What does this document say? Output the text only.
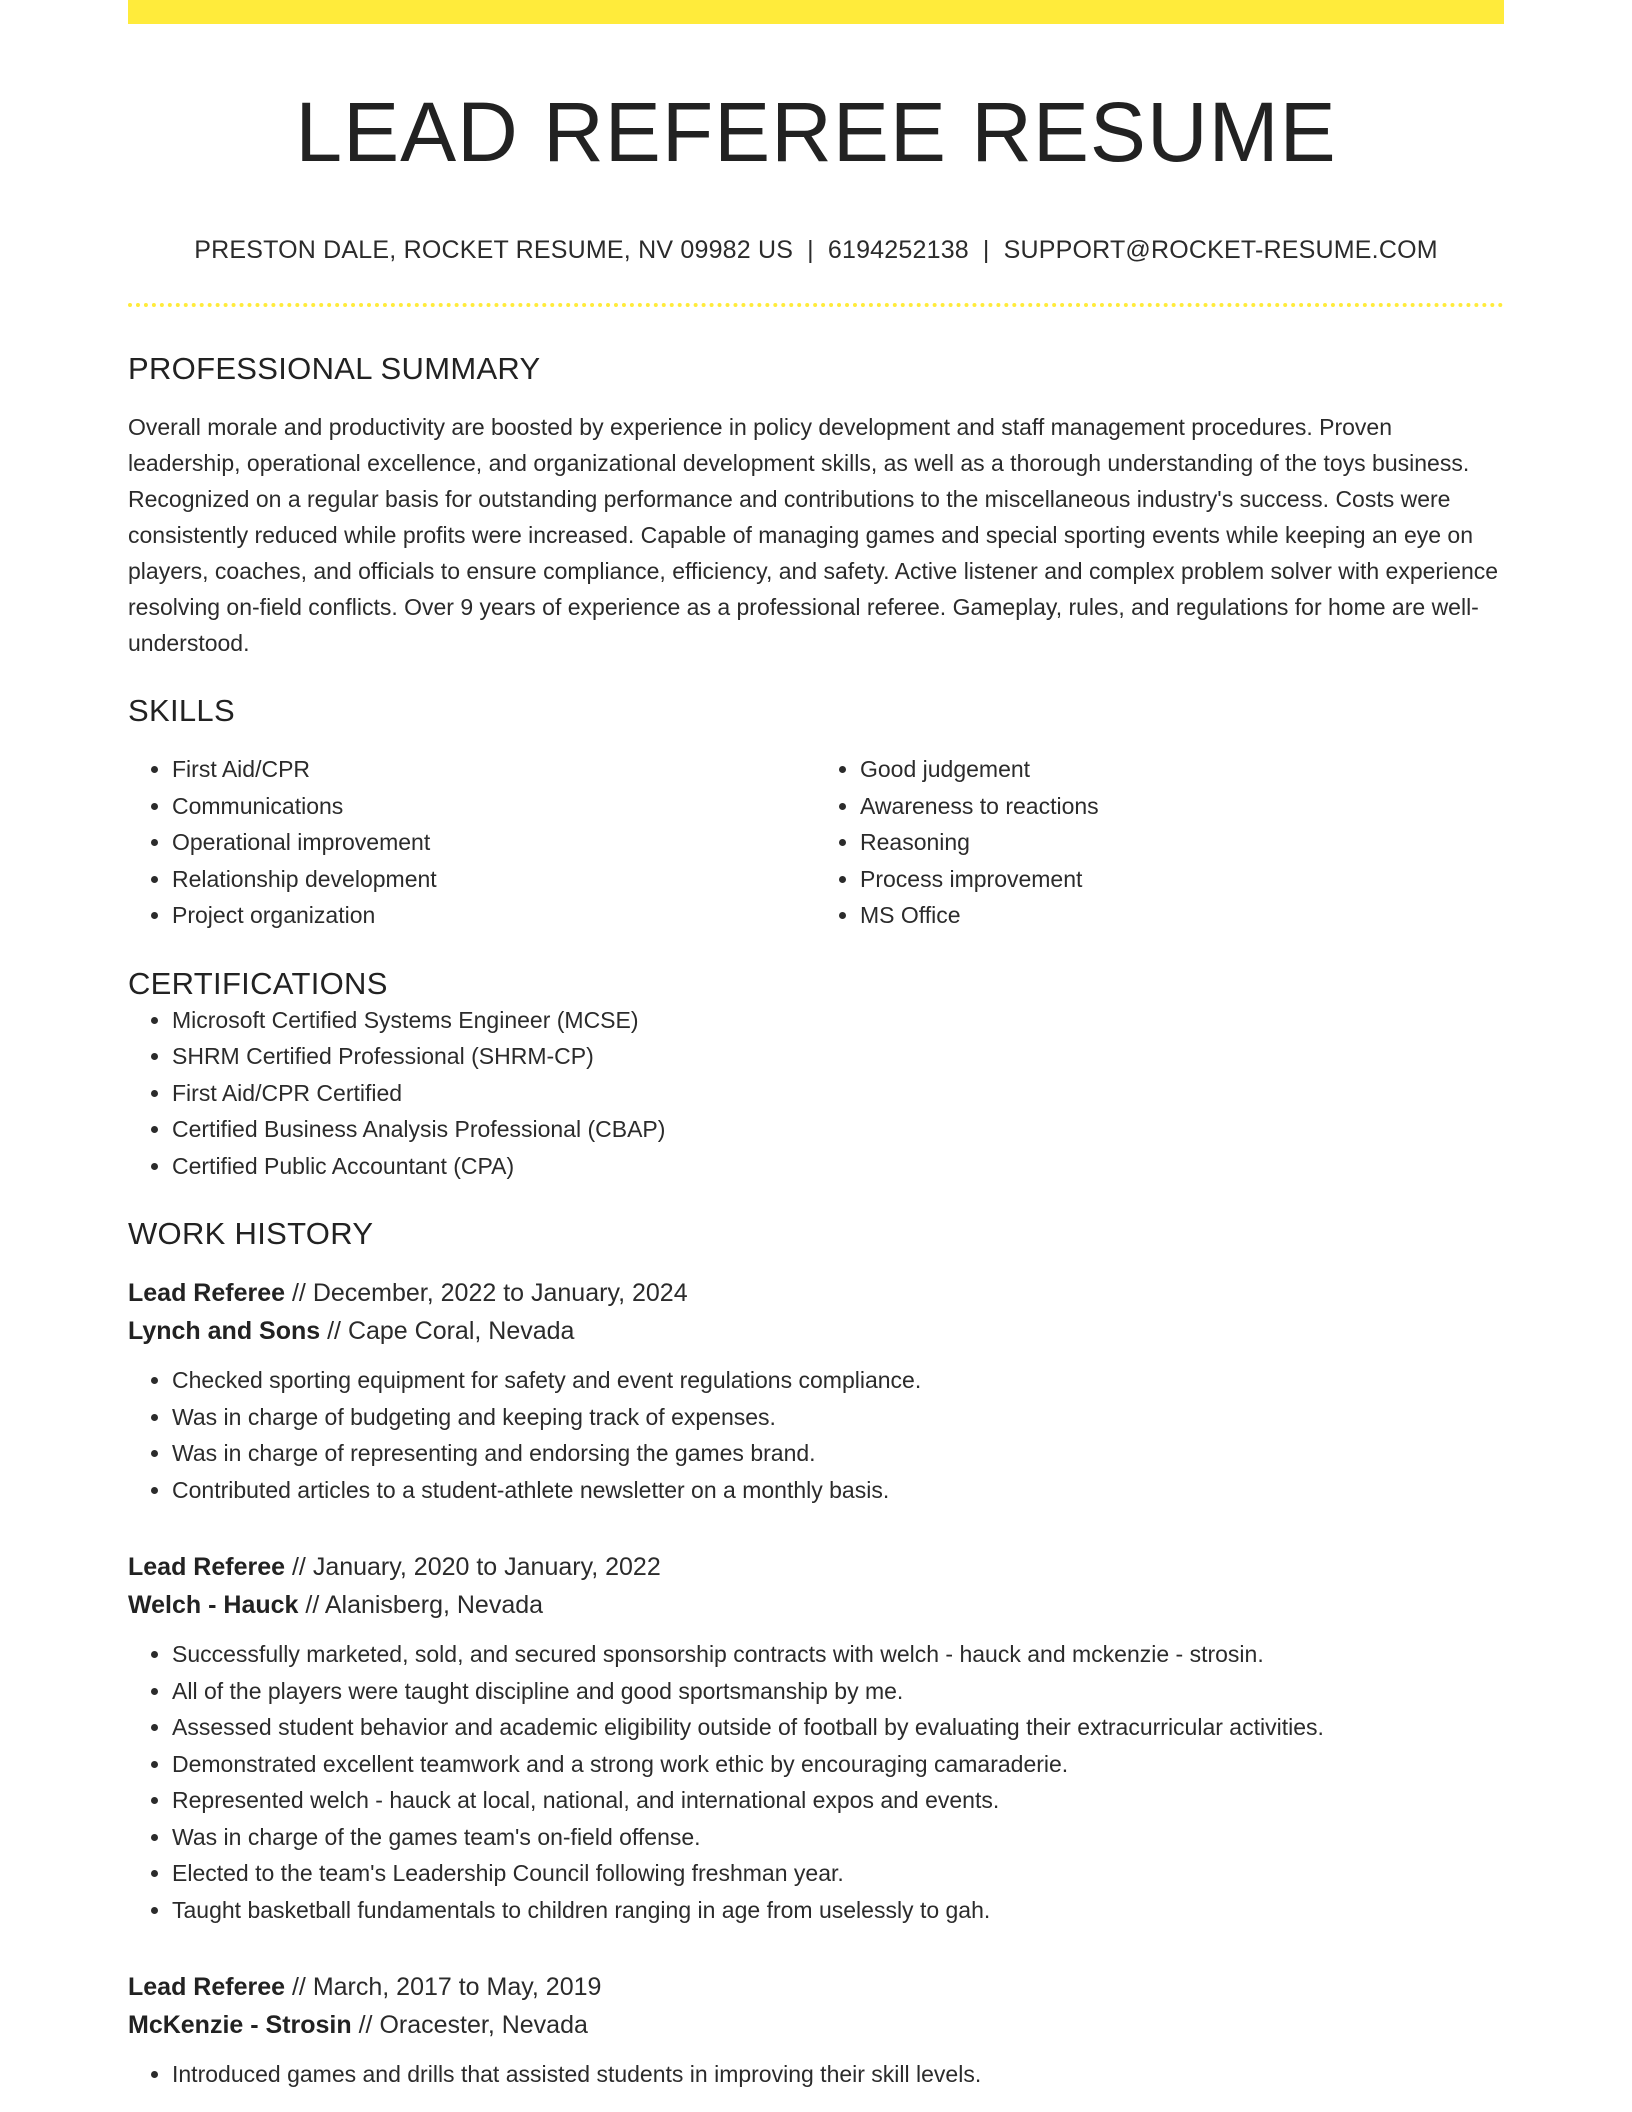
LEAD REFEREE RESUME
PRESTON DALE, ROCKET RESUME, NV 09982 US | 6194252138 | SUPPORT@ROCKET-RESUME.COM
PROFESSIONAL SUMMARY

Overall morale and productivity are boosted by experience in policy development and staff management procedures. Proven leadership, operational excellence, and organizational development skills, as well as a thorough understanding of the toys business. Recognized on a regular basis for outstanding performance and contributions to the miscellaneous industry's success. Costs were consistently reduced while profits were increased. Capable of managing games and special sporting events while keeping an eye on players, coaches, and officials to ensure compliance, efficiency, and safety. Active listener and complex problem solver with experience resolving on-field conflicts. Over 9 years of experience as a professional referee. Gameplay, rules, and regulations for home are well-understood.

SKILLS
• First Aid/CPR
• Communications
• Operational improvement
• Relationship development
• Project organization
• Good judgement
• Awareness to reactions
• Reasoning
• Process improvement
• MS Office
CERTIFICATIONS
• Microsoft Certified Systems Engineer (MCSE)
• SHRM Certified Professional (SHRM-CP)
• First Aid/CPR Certified
• Certified Business Analysis Professional (CBAP)
• Certified Public Accountant (CPA)
WORK HISTORY
Lead Referee // December, 2022 to January, 2024
Lynch and Sons // Cape Coral, Nevada
• Checked sporting equipment for safety and event regulations compliance.
• Was in charge of budgeting and keeping track of expenses.
• Was in charge of representing and endorsing the games brand.
• Contributed articles to a student-athlete newsletter on a monthly basis.
Lead Referee // January, 2020 to January, 2022
Welch - Hauck // Alanisberg, Nevada
• Successfully marketed, sold, and secured sponsorship contracts with welch - hauck and mckenzie - strosin.
• All of the players were taught discipline and good sportsmanship by me.
• Assessed student behavior and academic eligibility outside of football by evaluating their extracurricular activities.
• Demonstrated excellent teamwork and a strong work ethic by encouraging camaraderie.
• Represented welch - hauck at local, national, and international expos and events.
• Was in charge of the games team's on-field offense.
• Elected to the team's Leadership Council following freshman year.
• Taught basketball fundamentals to children ranging in age from uselessly to gah.
Lead Referee // March, 2017 to May, 2019
McKenzie - Strosin // Oracester, Nevada
• Introduced games and drills that assisted students in improving their skill levels.
